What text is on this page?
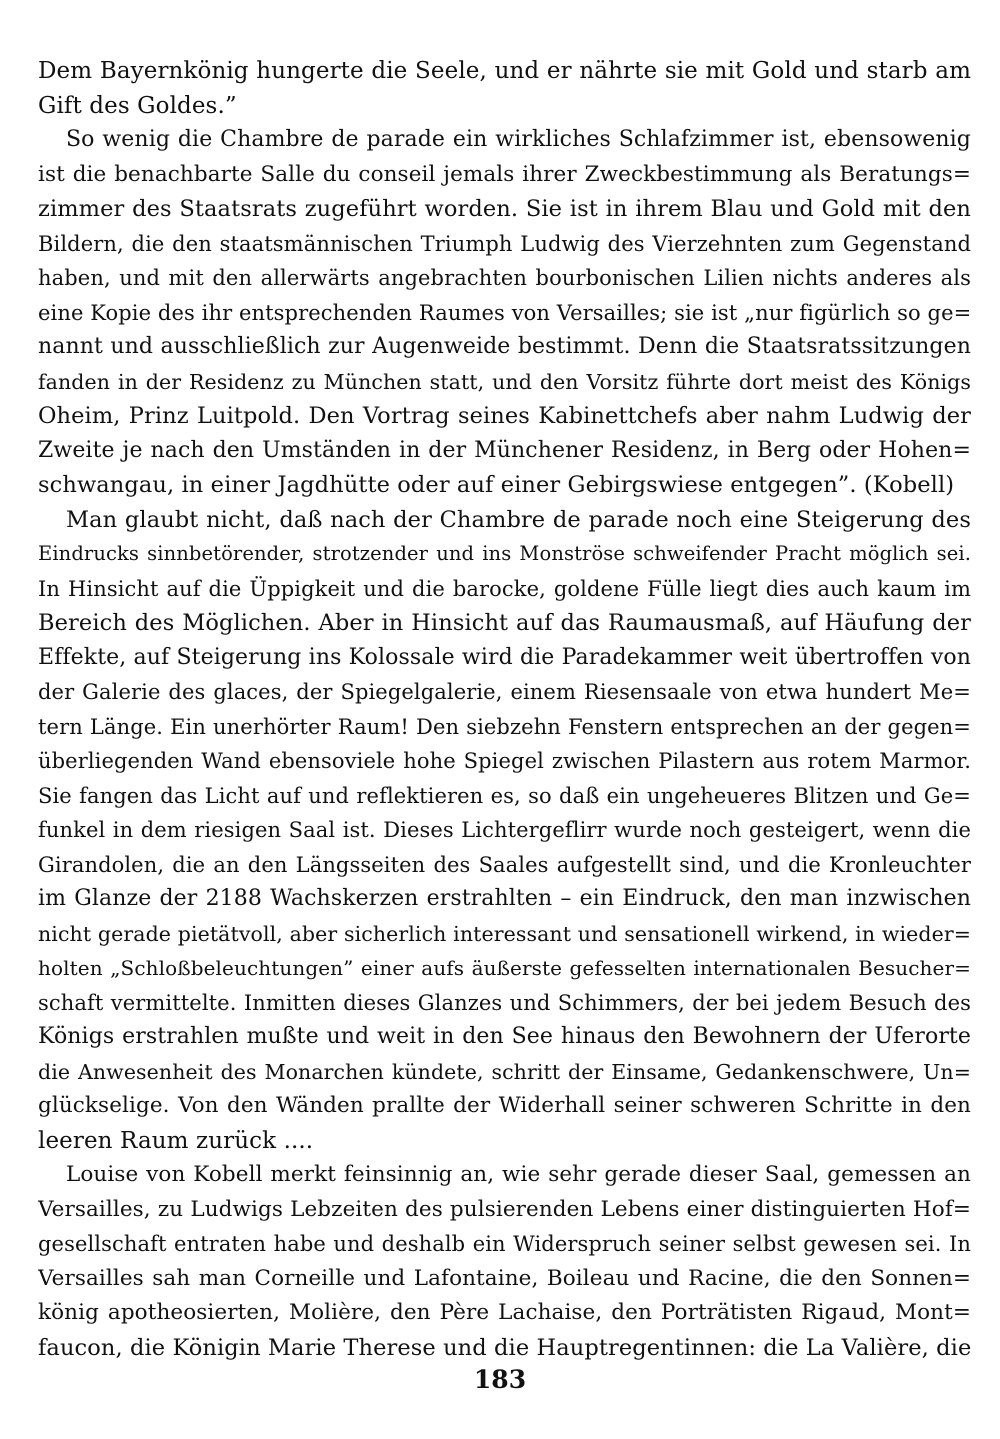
Dem Bayernkönig hungerte die Seele, und er nährte sie mit Gold und starb am
Gift des Goldes.”
So wenig die Chambre de parade ein wirkliches Schlafzimmer ist, ebensowenig
ist die benachbarte Salle du conseil jemals ihrer Zweckbestimmung als Beratungs=
zimmer des Staatsrats zugeführt worden. Sie ist in ihrem Blau und Gold mit den
Bildern, die den staatsmännischen Triumph Ludwig des Vierzehnten zum Gegenstand
haben, und mit den allerwärts angebrachten bourbonischen Lilien nichts anderes als
eine Kopie des ihr entsprechenden Raumes von Versailles; sie ist „nur figürlich so ge=
nannt und ausschließlich zur Augenweide bestimmt. Denn die Staatsratssitzungen
fanden in der Residenz zu München statt, und den Vorsitz führte dort meist des Königs
Oheim, Prinz Luitpold. Den Vortrag seines Kabinettchefs aber nahm Ludwig der
Zweite je nach den Umständen in der Münchener Residenz, in Berg oder Hohen=
schwangau, in einer Jagdhütte oder auf einer Gebirgswiese entgegen”. (Kobell)
Man glaubt nicht, daß nach der Chambre de parade noch eine Steigerung des
Eindrucks sinnbetörender, strotzender und ins Monströse schweifender Pracht möglich sei.
In Hinsicht auf die Üppigkeit und die barocke, goldene Fülle liegt dies auch kaum im
Bereich des Möglichen. Aber in Hinsicht auf das Raumausmaß, auf Häufung der
Effekte, auf Steigerung ins Kolossale wird die Paradekammer weit übertroffen von
der Galerie des glaces, der Spiegelgalerie, einem Riesensaale von etwa hundert Me=
tern Länge. Ein unerhörter Raum! Den siebzehn Fenstern entsprechen an der gegen=
überliegenden Wand ebensoviele hohe Spiegel zwischen Pilastern aus rotem Marmor.
Sie fangen das Licht auf und reflektieren es, so daß ein ungeheueres Blitzen und Ge=
funkel in dem riesigen Saal ist. Dieses Lichtergeflirr wurde noch gesteigert, wenn die
Girandolen, die an den Längsseiten des Saales aufgestellt sind, und die Kronleuchter
im Glanze der 2188 Wachskerzen erstrahlten – ein Eindruck, den man inzwischen
nicht gerade pietätvoll, aber sicherlich interessant und sensationell wirkend, in wieder=
holten „Schloßbeleuchtungen” einer aufs äußerste gefesselten internationalen Besucher=
schaft vermittelte. Inmitten dieses Glanzes und Schimmers, der bei jedem Besuch des
Königs erstrahlen mußte und weit in den See hinaus den Bewohnern der Uferorte
die Anwesenheit des Monarchen kündete, schritt der Einsame, Gedankenschwere, Un=
glückselige. Von den Wänden prallte der Widerhall seiner schweren Schritte in den
leeren Raum zurück ....
Louise von Kobell merkt feinsinnig an, wie sehr gerade dieser Saal, gemessen an
Versailles, zu Ludwigs Lebzeiten des pulsierenden Lebens einer distinguierten Hof=
gesellschaft entraten habe und deshalb ein Widerspruch seiner selbst gewesen sei. In
Versailles sah man Corneille und Lafontaine, Boileau und Racine, die den Sonnen=
könig apotheosierten, Molière, den Père Lachaise, den Porträtisten Rigaud, Mont=
faucon, die Königin Marie Therese und die Hauptregentinnen: die La Valière, die
183
